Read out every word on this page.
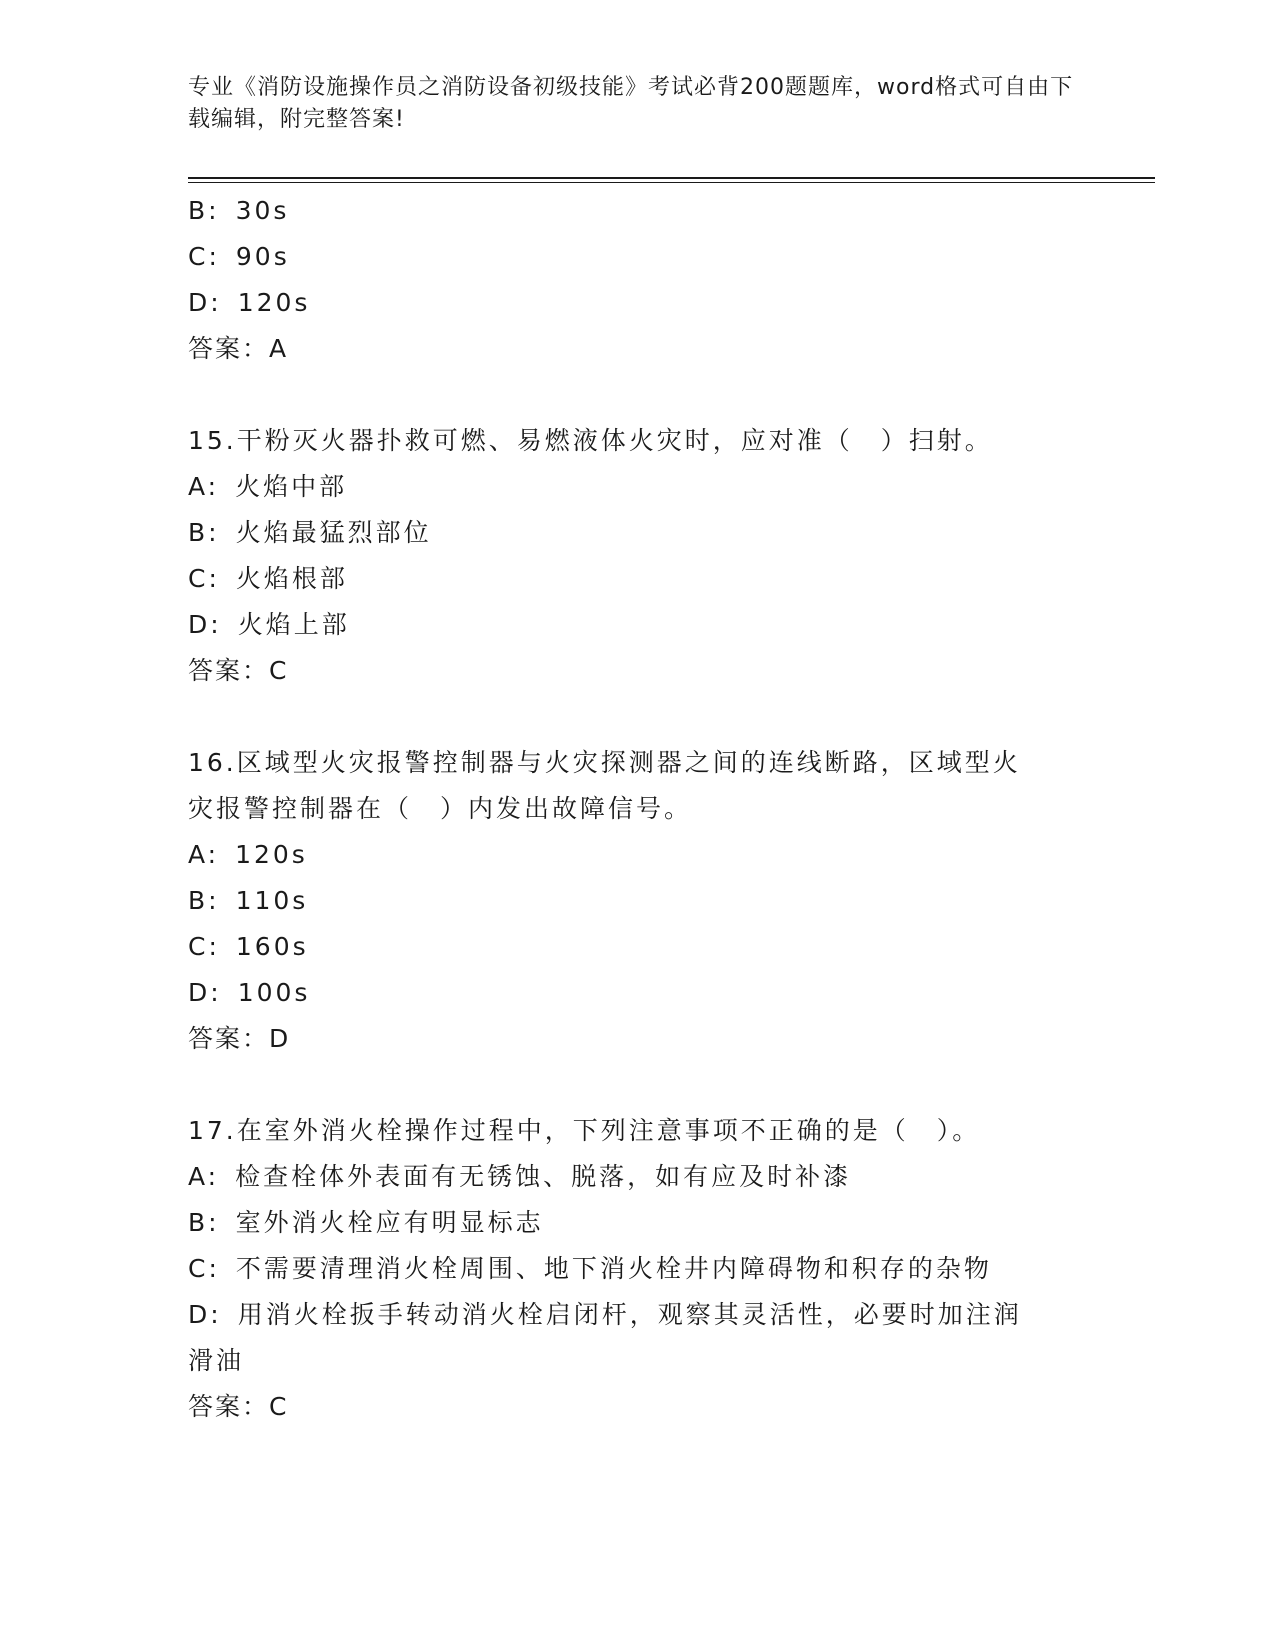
专业《消防设施操作员之消防设备初级技能》考试必背200题题库，word格式可自由下载编辑，附完整答案!
B: 30s
C: 90s
D: 120s
答案：A
15.干粉灭火器扑救可燃、易燃液体火灾时，应对准（　）扫射。
A: 火焰中部
B: 火焰最猛烈部位
C: 火焰根部
D: 火焰上部
答案：C
16.区域型火灾报警控制器与火灾探测器之间的连线断路，区域型火灾报警控制器在（　）内发出故障信号。
A: 120s
B: 110s
C: 160s
D: 100s
答案：D
17.在室外消火栓操作过程中，下列注意事项不正确的是（　）。
A: 检查栓体外表面有无锈蚀、脱落，如有应及时补漆
B: 室外消火栓应有明显标志
C: 不需要清理消火栓周围、地下消火栓井内障碍物和积存的杂物
D: 用消火栓扳手转动消火栓启闭杆，观察其灵活性，必要时加注润滑油
答案：C
